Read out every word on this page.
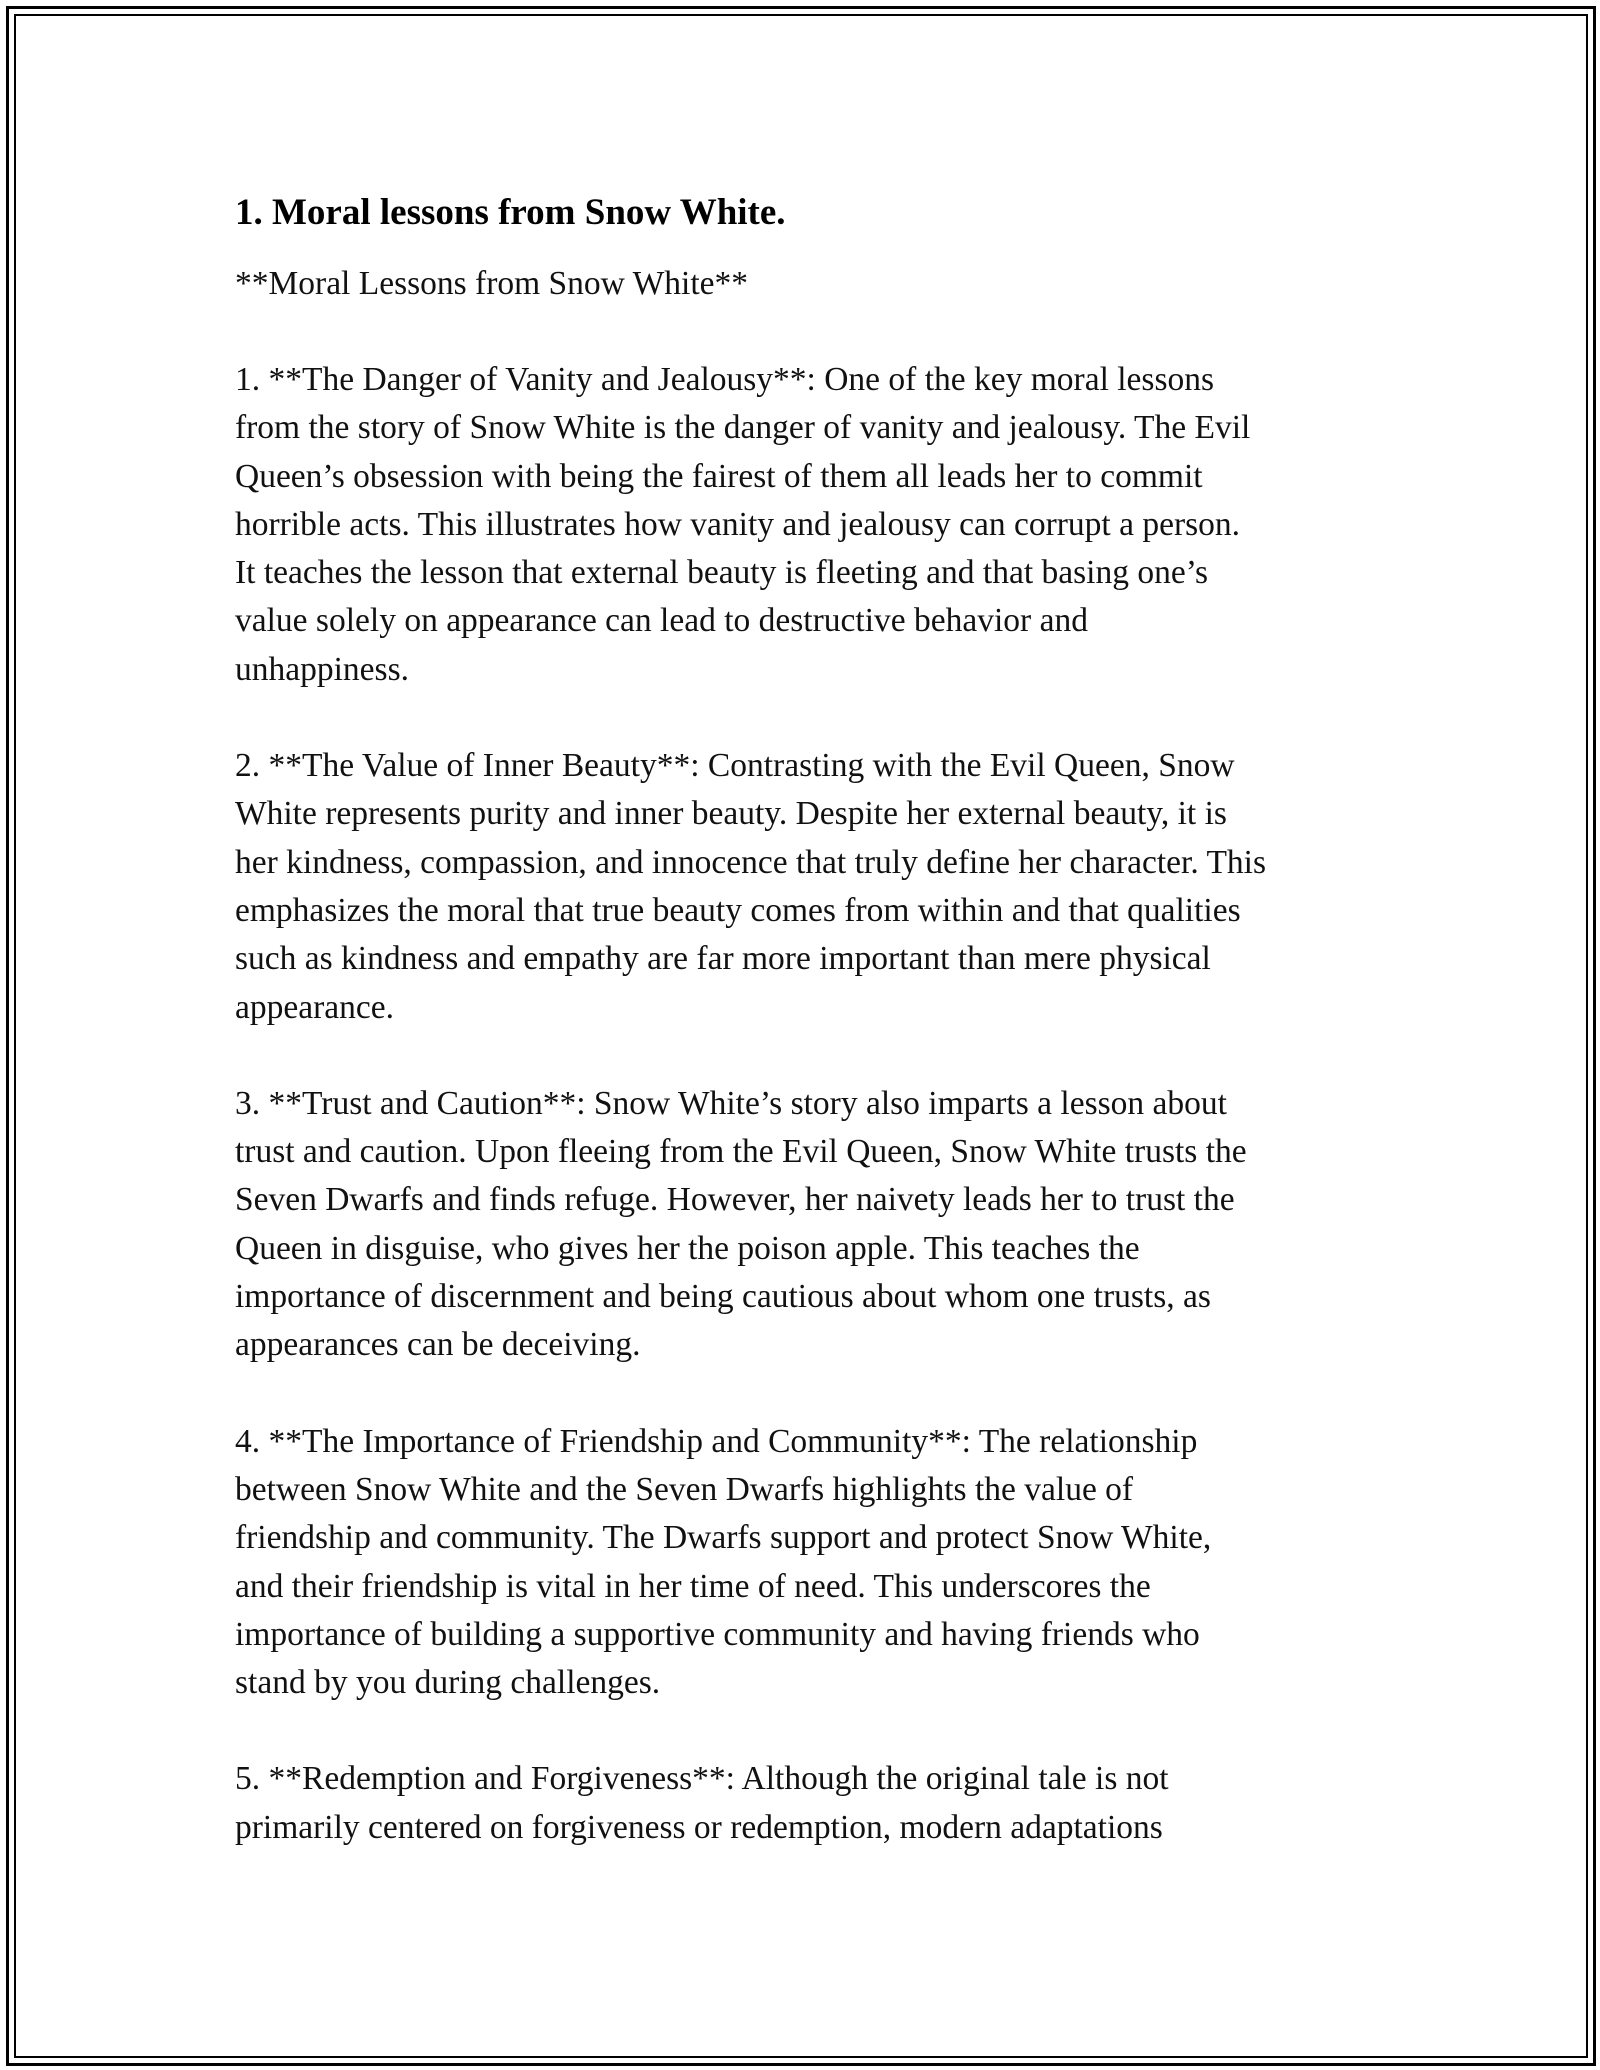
1. Moral lessons from Snow White.

**Moral Lessons from Snow White**

1. **The Danger of Vanity and Jealousy**: One of the key moral lessons
from the story of Snow White is the danger of vanity and jealousy. The Evil
Queen’s obsession with being the fairest of them all leads her to commit
horrible acts. This illustrates how vanity and jealousy can corrupt a person.
It teaches the lesson that external beauty is fleeting and that basing one’s
value solely on appearance can lead to destructive behavior and
unhappiness.

2. **The Value of Inner Beauty**: Contrasting with the Evil Queen, Snow
White represents purity and inner beauty. Despite her external beauty, it is
her kindness, compassion, and innocence that truly define her character. This
emphasizes the moral that true beauty comes from within and that qualities
such as kindness and empathy are far more important than mere physical
appearance.

3. **Trust and Caution**: Snow White’s story also imparts a lesson about
trust and caution. Upon fleeing from the Evil Queen, Snow White trusts the
Seven Dwarfs and finds refuge. However, her naivety leads her to trust the
Queen in disguise, who gives her the poison apple. This teaches the
importance of discernment and being cautious about whom one trusts, as
appearances can be deceiving.

4. **The Importance of Friendship and Community**: The relationship
between Snow White and the Seven Dwarfs highlights the value of
friendship and community. The Dwarfs support and protect Snow White,
and their friendship is vital in her time of need. This underscores the
importance of building a supportive community and having friends who
stand by you during challenges.

5. **Redemption and Forgiveness**: Although the original tale is not
primarily centered on forgiveness or redemption, modern adaptations
